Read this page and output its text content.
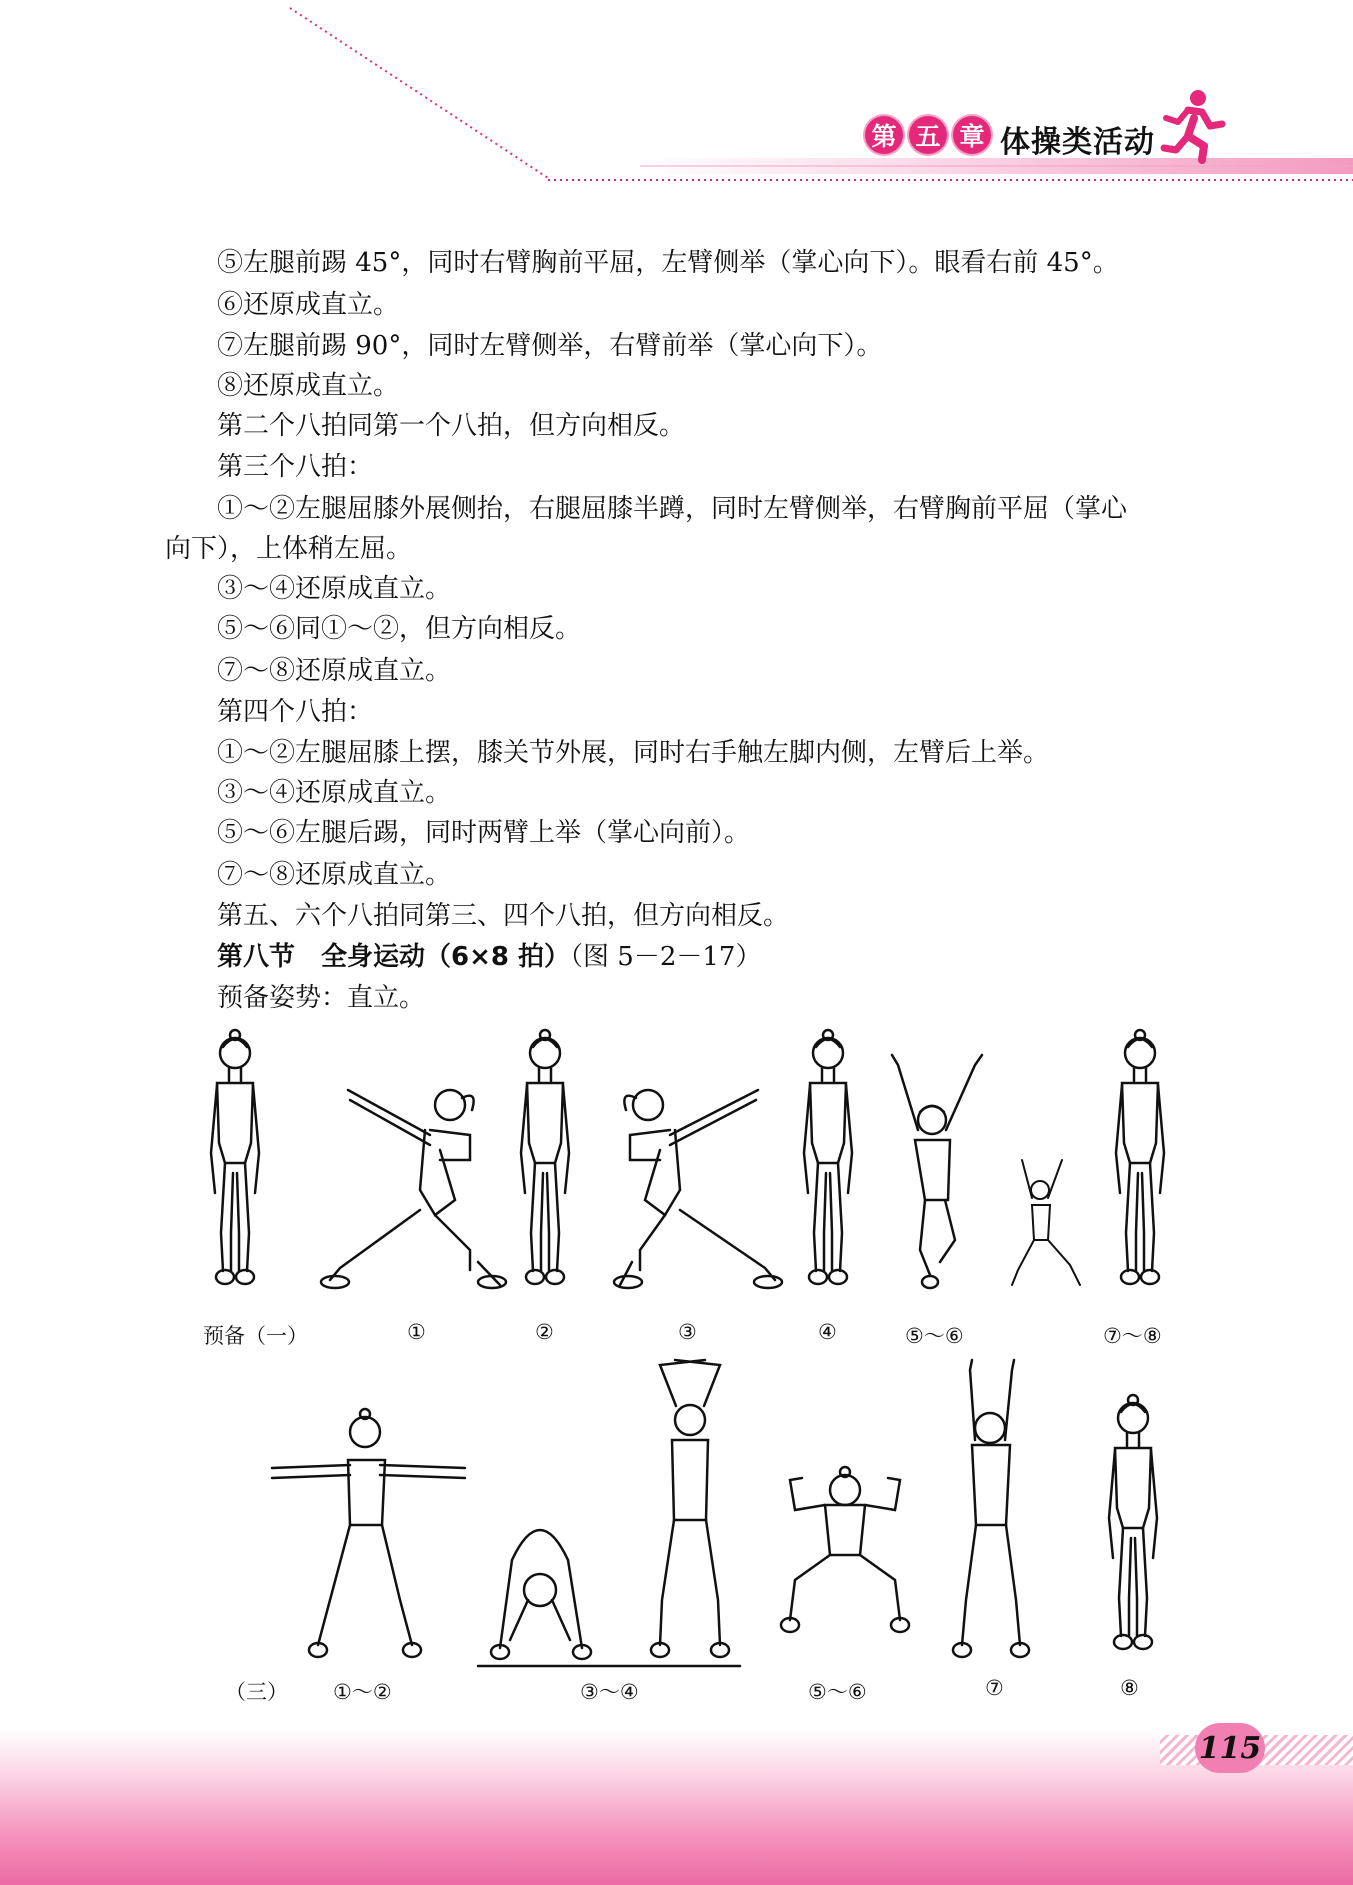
第 五 章 体操类活动
⑤左腿前踢 45°，同时右臂胸前平屈，左臂侧举（掌心向下）。眼看右前 45°。
⑥还原成直立。
⑦左腿前踢 90°，同时左臂侧举，右臂前举（掌心向下）。
⑧还原成直立。
第二个八拍同第一个八拍，但方向相反。
第三个八拍：
①～②左腿屈膝外展侧抬，右腿屈膝半蹲，同时左臂侧举，右臂胸前平屈（掌心
向下），上体稍左屈。
③～④还原成直立。
⑤～⑥同①～②，但方向相反。
⑦～⑧还原成直立。
第四个八拍：
①～②左腿屈膝上摆，膝关节外展，同时右手触左脚内侧，左臂后上举。
③～④还原成直立。
⑤～⑥左腿后踢，同时两臂上举（掌心向前）。
⑦～⑧还原成直立。
第五、六个八拍同第三、四个八拍，但方向相反。
第八节　全身运动（6×8 拍）（图 5－2－17）
预备姿势：直立。
预备（一）	①	②	③	④	⑤～⑥	⑦～⑧
（三） ①～②	③～④	⑤～⑥	⑦	⑧
115
